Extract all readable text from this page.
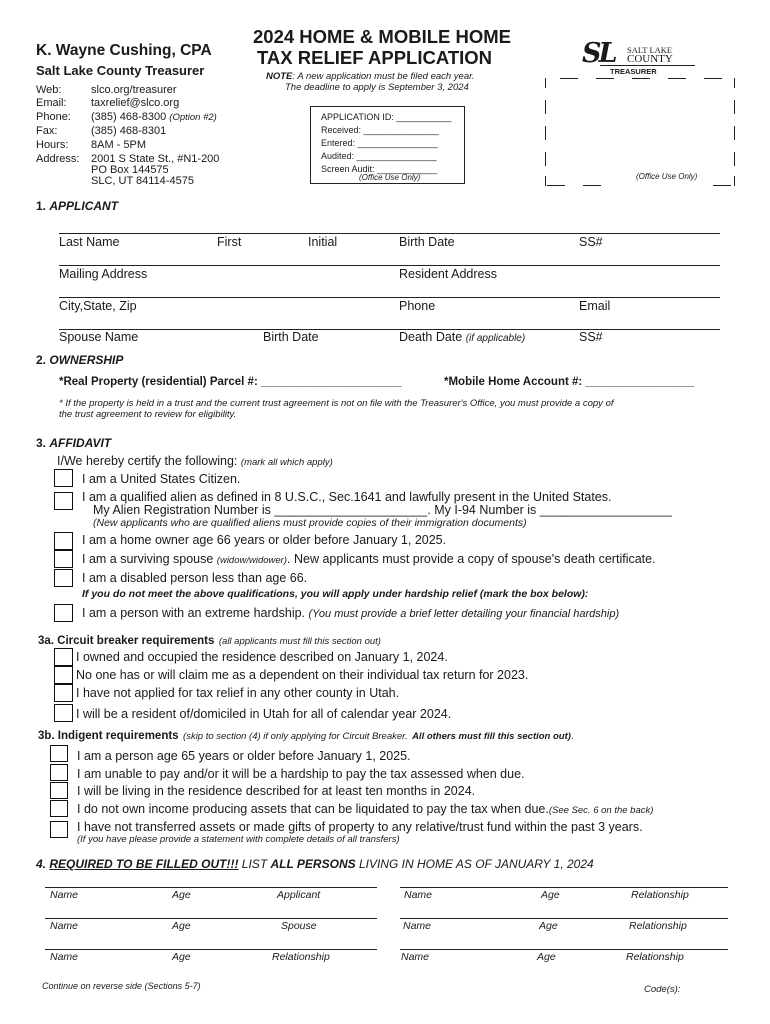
K. Wayne Cushing, CPA
Salt Lake County Treasurer
2024 HOME & MOBILE HOME
TAX RELIEF APPLICATION
NOTE: A new application must be filed each year.
The deadline to apply is September 3, 2024
SL SALT LAKE
COUNTY
TREASURER
Web:	slco.org/treasurer
Email: taxrelief@slco.org
Phone: (385) 468-8300 (Option #2)
Fax:	(385) 468-8301
Hours: 8AM - 5PM
Address: 2001 S State St., #N1-200
PO Box 144575
SLC, UT 84114-4575
APPLICATION ID: ___________
Received: _______________
Entered: ________________
Audited: ________________
Screen Audit: ____________
(Office Use Only)	(Office Use Only)
1. APPLICANT
Last Name	First	Initial	Birth Date	SS#
Mailing Address	Resident Address
City,State, Zip	Phone	Email
Spouse Name	Birth Date	Death Date (if applicable)	SS#
2. OWNERSHIP
*Real Property (residential) Parcel #: ______________________	*Mobile Home Account #: _________________
* If the property is held in a trust and the current trust agreement is not on file with the Treasurer's Office, you must provide a copy of
the trust agreement to review for eligibility.
3. AFFIDAVIT
I/We hereby certify the following: (mark all which apply)
I am a United States Citizen.
I am a qualified alien as defined in 8 U.S.C., Sec.1641 and lawfully present in the United States.
My Alien Registration Number is ______________________. My I-94 Number is ___________________
(New applicants who are qualified aliens must provide copies of their immigration documents)
I am a home owner age 66 years or older before January 1, 2025.
I am a surviving spouse (widow/widower). New applicants must provide a copy of spouse's death certificate.
I am a disabled person less than age 66.
If you do not meet the above qualifications, you will apply under hardship relief (mark the box below):
I am a person with an extreme hardship. (You must provide a brief letter detailing your financial hardship)
3a. Circuit breaker requirements (all applicants must fill this section out)
I owned and occupied the residence described on January 1, 2024.
No one has or will claim me as a dependent on their individual tax return for 2023.
I have not applied for tax relief in any other county in Utah.
I will be a resident of/domiciled in Utah for all of calendar year 2024.
3b. Indigent requirements (skip to section (4) if only applying for Circuit Breaker. All others must fill this section out).
I am a person age 65 years or older before January 1, 2025.
I am unable to pay and/or it will be a hardship to pay the tax assessed when due.
I will be living in the residence described for at least ten months in 2024.
I do not own income producing assets that can be liquidated to pay the tax when due.(See Sec. 6 on the back)
I have not transferred assets or made gifts of property to any relative/trust fund within the past 3 years.
(If you have please provide a statement with complete details of all transfers)
4. REQUIRED TO BE FILLED OUT!!! LIST ALL PERSONS LIVING IN HOME AS OF JANUARY 1, 2024
Name	Age	Applicant
Name	Age	Spouse
Name	Age	Relationship
Name	Age	Relationship
Name	Age	Relationship
Name	Age	Relationship
Continue on reverse side (Sections 5-7)	Code(s):
